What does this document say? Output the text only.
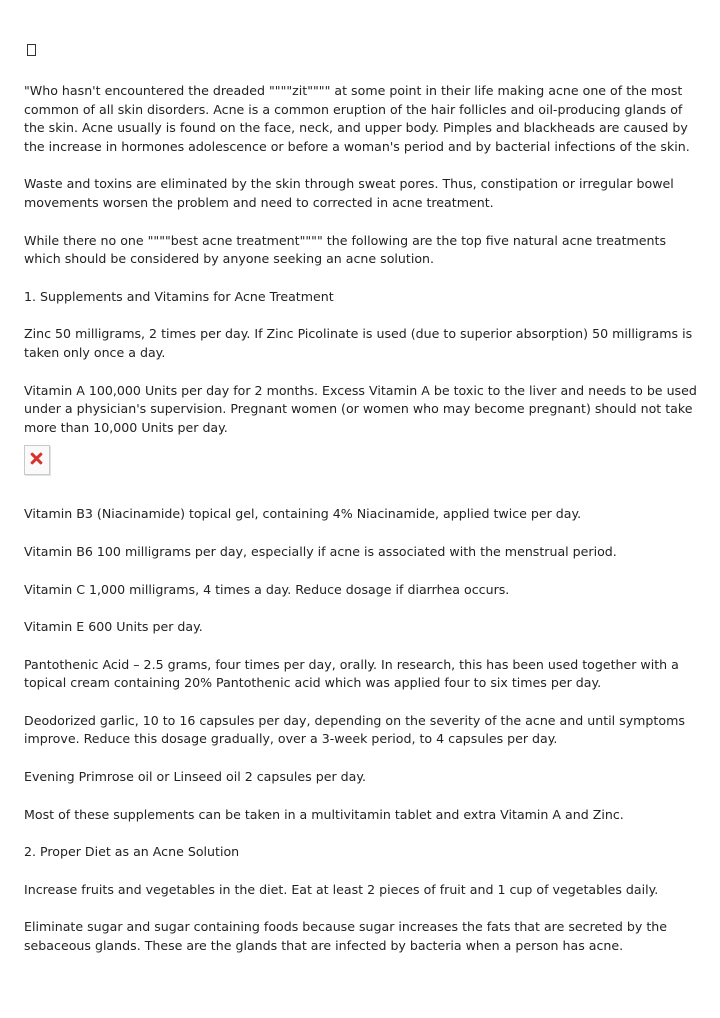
"Who hasn't encountered the dreaded """"zit"""" at some point in their life making acne one of the most common of all skin disorders. Acne is a common eruption of the hair follicles and oil-producing glands of the skin. Acne usually is found on the face, neck, and upper body. Pimples and blackheads are caused by the increase in hormones adolescence or before a woman's period and by bacterial infections of the skin.

Waste and toxins are eliminated by the skin through sweat pores. Thus, constipation or irregular bowel movements worsen the problem and need to corrected in acne treatment.

While there no one """"best acne treatment"""" the following are the top five natural acne treatments which should be considered by anyone seeking an acne solution.

1. Supplements and Vitamins for Acne Treatment

Zinc 50 milligrams, 2 times per day. If Zinc Picolinate is used (due to superior absorption) 50 milligrams is taken only once a day.

Vitamin A 100,000 Units per day for 2 months. Excess Vitamin A be toxic to the liver and needs to be used under a physician's supervision. Pregnant women (or women who may become pregnant) should not take more than 10,000 Units per day.

Vitamin B3 (Niacinamide) topical gel, containing 4% Niacinamide, applied twice per day.

Vitamin B6 100 milligrams per day, especially if acne is associated with the menstrual period.

Vitamin C 1,000 milligrams, 4 times a day. Reduce dosage if diarrhea occurs.

Vitamin E 600 Units per day.

Pantothenic Acid – 2.5 grams, four times per day, orally. In research, this has been used together with a topical cream containing 20% Pantothenic acid which was applied four to six times per day.

Deodorized garlic, 10 to 16 capsules per day, depending on the severity of the acne and until symptoms improve. Reduce this dosage gradually, over a 3-week period, to 4 capsules per day.

Evening Primrose oil or Linseed oil 2 capsules per day.

Most of these supplements can be taken in a multivitamin tablet and extra Vitamin A and Zinc.

2. Proper Diet as an Acne Solution

Increase fruits and vegetables in the diet. Eat at least 2 pieces of fruit and 1 cup of vegetables daily.

Eliminate sugar and sugar containing foods because sugar increases the fats that are secreted by the sebaceous glands. These are the glands that are infected by bacteria when a person has acne.
